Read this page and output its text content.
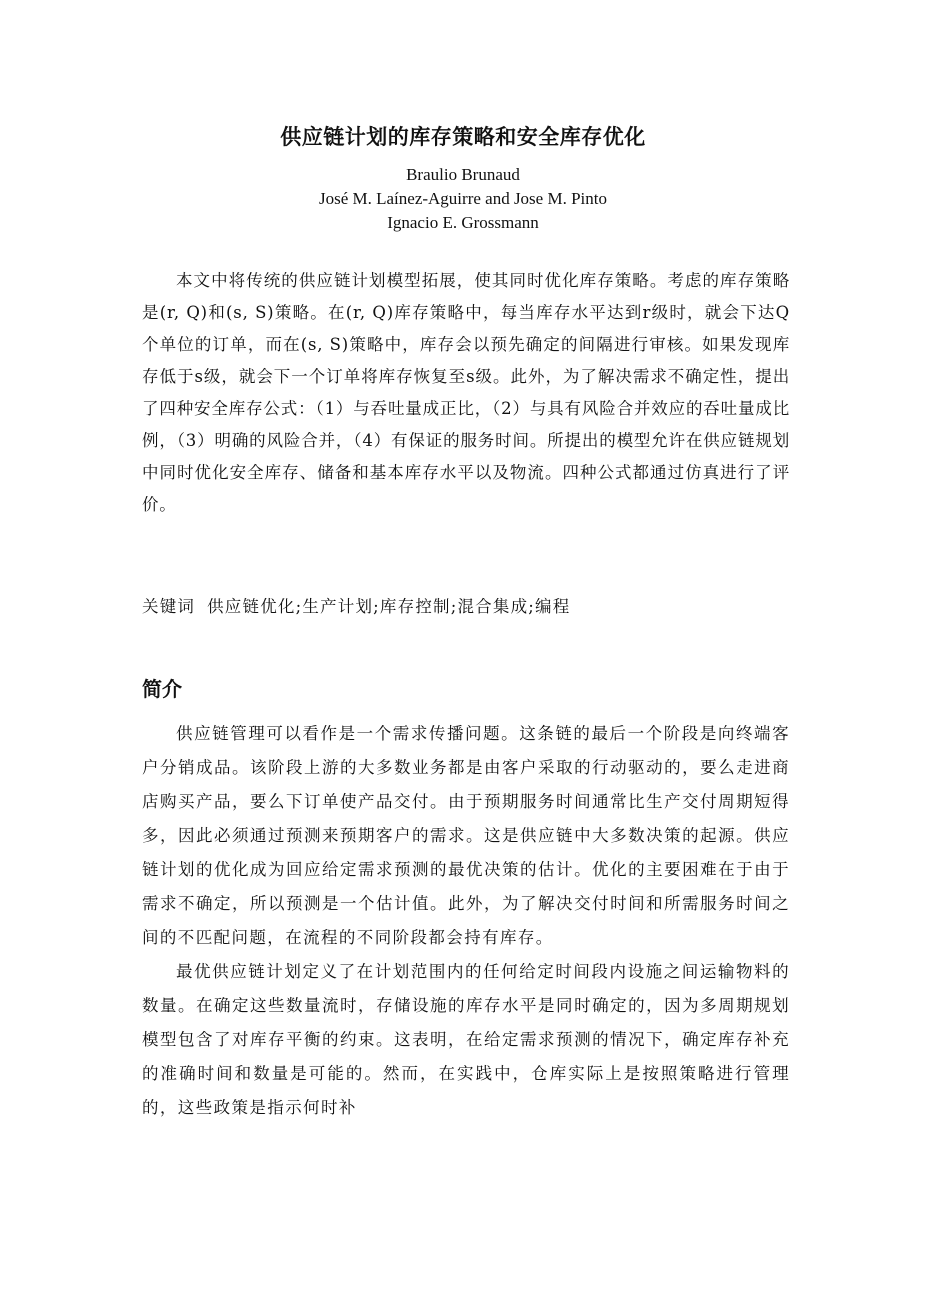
供应链计划的库存策略和安全库存优化
Braulio Brunaud
José M. Laínez-Aguirre and Jose M. Pinto
Ignacio E. Grossmann

本文中将传统的供应链计划模型拓展，使其同时优化库存策略。考虑的库存策略是(r, Q)和(s, S)策略。在(r, Q)库存策略中，每当库存水平达到r级时，就会下达Q个单位的订单，而在(s, S)策略中，库存会以预先确定的间隔进行审核。如果发现库存低于s级，就会下一个订单将库存恢复至s级。此外，为了解决需求不确定性，提出了四种安全库存公式：（1）与吞吐量成正比，（2）与具有风险合并效应的吞吐量成比例，（3）明确的风险合并，（4）有保证的服务时间。所提出的模型允许在供应链规划中同时优化安全库存、储备和基本库存水平以及物流。四种公式都通过仿真进行了评价。

关键词 供应链优化;生产计划;库存控制;混合集成;编程
简介

供应链管理可以看作是一个需求传播问题。这条链的最后一个阶段是向终端客户分销成品。该阶段上游的大多数业务都是由客户采取的行动驱动的，要么走进商店购买产品，要么下订单使产品交付。由于预期服务时间通常比生产交付周期短得多，因此必须通过预测来预期客户的需求。这是供应链中大多数决策的起源。供应链计划的优化成为回应给定需求预测的最优决策的估计。优化的主要困难在于由于需求不确定，所以预测是一个估计值。此外，为了解决交付时间和所需服务时间之间的不匹配问题，在流程的不同阶段都会持有库存。

最优供应链计划定义了在计划范围内的任何给定时间段内设施之间运输物料的数量。在确定这些数量流时，存储设施的库存水平是同时确定的，因为多周期规划模型包含了对库存平衡的约束。这表明，在给定需求预测的情况下，确定库存补充的准确时间和数量是可能的。然而，在实践中，仓库实际上是按照策略进行管理的，这些政策是指示何时补
